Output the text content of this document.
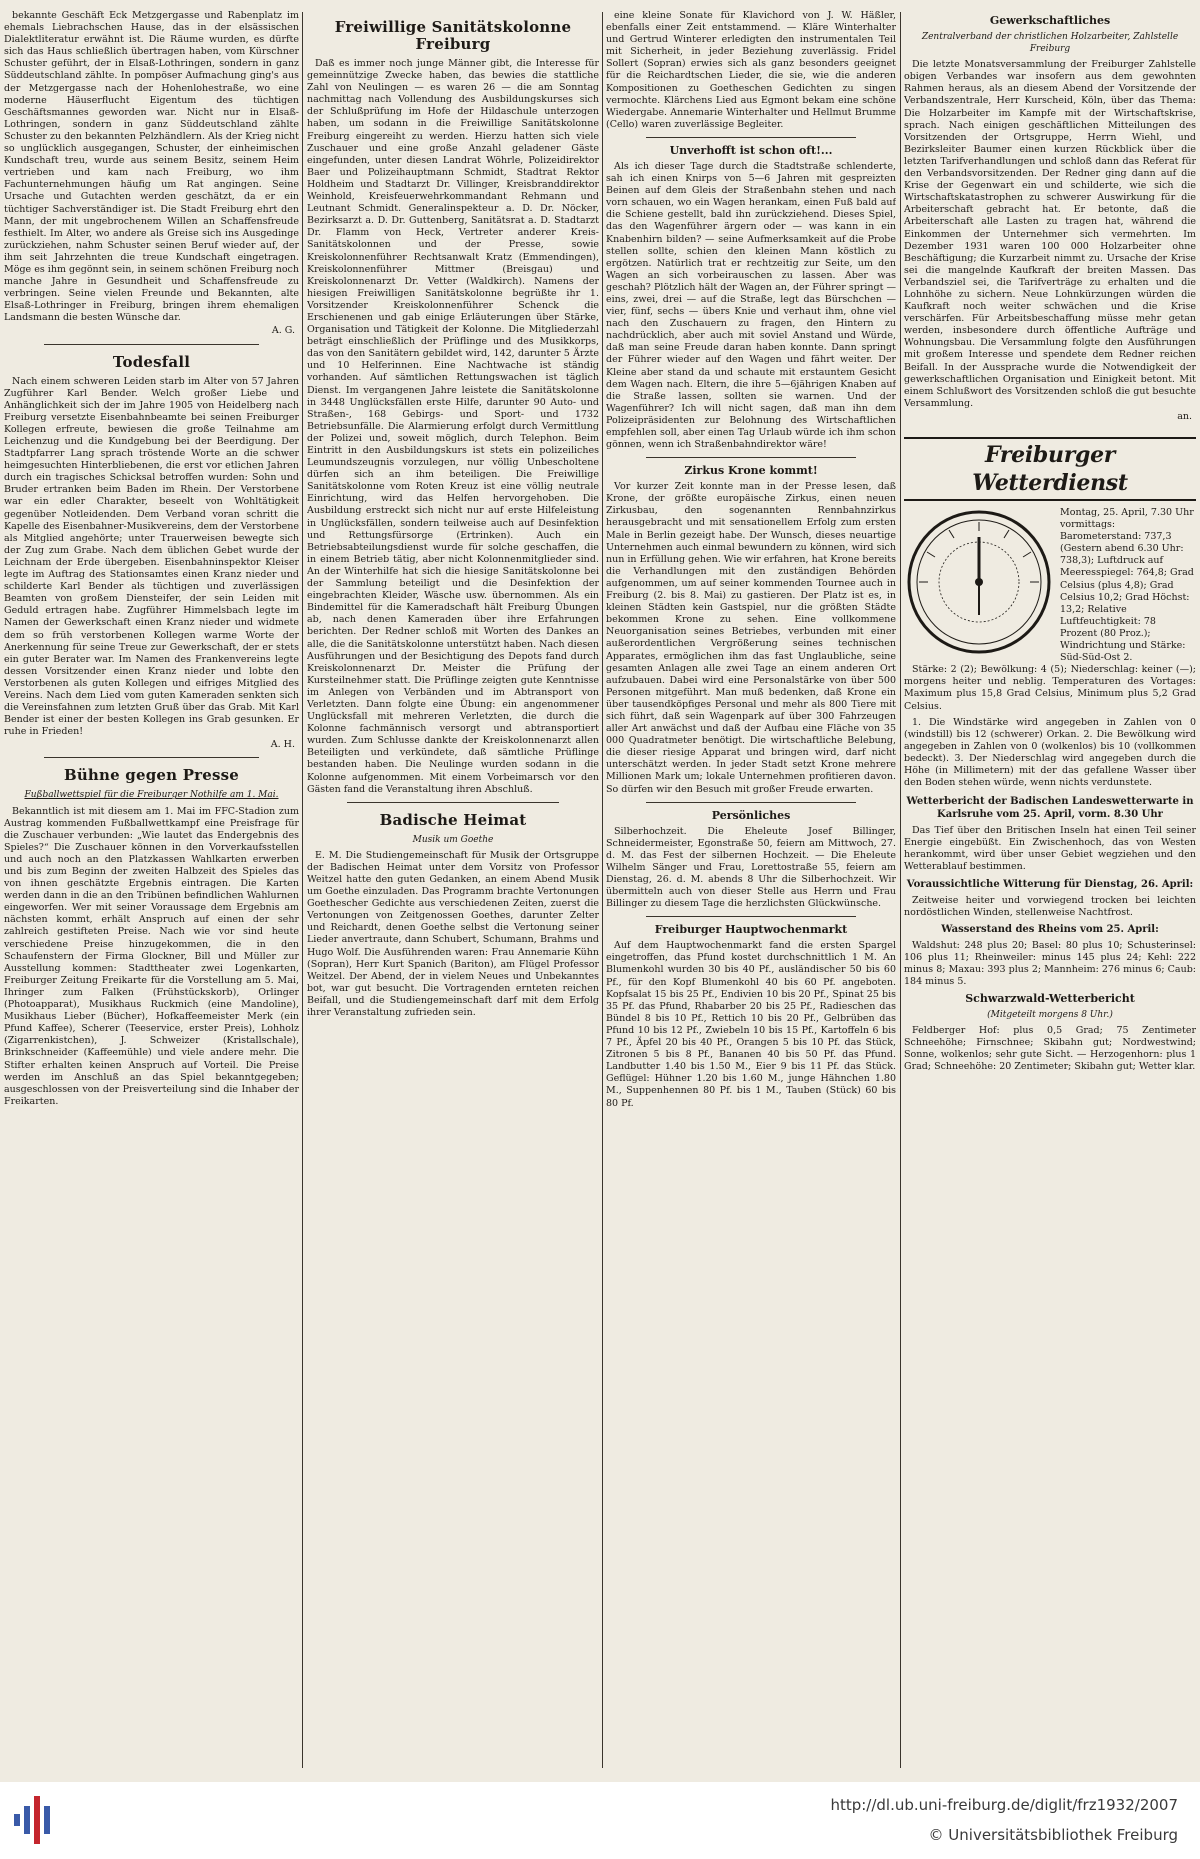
bekannte Geschäft Eck Metzgergasse und Rabenplatz im ehemals Liebrachschen Hause, das in der elsässischen Dialektliteratur erwähnt ist. Die Räume wurden, es dürfte sich das Haus schließlich übertragen haben, vom Kürschner Schuster geführt, der in Elsaß-Lothringen, sondern in ganz Süddeutschland zählte. In pompöser Aufmachung ging's aus der Metzgergasse nach der Hohenlohestraße, wo eine moderne Häuserflucht Eigentum des tüchtigen Geschäftsmannes geworden war. Nicht nur in Elsaß-Lothringen, sondern in ganz Süddeutschland zählte Schuster zu den bekannten Pelzhändlern. Als der Krieg nicht so unglücklich ausgegangen, Schuster, der einheimischen Kundschaft treu, wurde aus seinem Besitz, seinem Heim vertrieben und kam nach Freiburg, wo ihm Fachunternehmungen häufig um Rat angingen. Seine Ursache und Gutachten werden geschätzt, da er ein tüchtiger Sachverständiger ist. Die Stadt Freiburg ehrt den Mann, der mit ungebrochenem Willen an Schaffensfreude festhielt. Im Alter, wo andere als Greise sich ins Ausgedinge zurückziehen, nahm Schuster seinen Beruf wieder auf, der ihm seit Jahrzehnten die treue Kundschaft eingetragen. Möge es ihm gegönnt sein, in seinem schönen Freiburg noch manche Jahre in Gesundheit und Schaffensfreude zu verbringen. Seine vielen Freunde und Bekannten, alte Elsaß-Lothringer in Freiburg, bringen ihrem ehemaligen Landsmann die besten Wünsche dar.

A. G.

Todesfall

Nach einem schweren Leiden starb im Alter von 57 Jahren Zugführer Karl Bender. Welch großer Liebe und Anhänglichkeit sich der im Jahre 1905 von Heidelberg nach Freiburg versetzte Eisenbahnbeamte bei seinen Freiburger Kollegen erfreute, bewiesen die große Teilnahme am Leichenzug und die Kundgebung bei der Beerdigung. Der Stadtpfarrer Lang sprach tröstende Worte an die schwer heimgesuchten Hinterbliebenen, die erst vor etlichen Jahren durch ein tragisches Schicksal betroffen wurden: Sohn und Bruder ertranken beim Baden im Rhein. Der Verstorbene war ein edler Charakter, beseelt von Wohltätigkeit gegenüber Notleidenden. Dem Verband voran schritt die Kapelle des Eisenbahner-Musikvereins, dem der Verstorbene als Mitglied angehörte; unter Trauerweisen bewegte sich der Zug zum Grabe. Nach dem üblichen Gebet wurde der Leichnam der Erde übergeben. Eisenbahninspektor Kleiser legte im Auftrag des Stationsamtes einen Kranz nieder und schilderte Karl Bender als tüchtigen und zuverlässigen Beamten von großem Diensteifer, der sein Leiden mit Geduld ertragen habe. Zugführer Himmelsbach legte im Namen der Gewerkschaft einen Kranz nieder und widmete dem so früh verstorbenen Kollegen warme Worte der Anerkennung für seine Treue zur Gewerkschaft, der er stets ein guter Berater war. Im Namen des Frankenvereins legte dessen Vorsitzender einen Kranz nieder und lobte den Verstorbenen als guten Kollegen und eifriges Mitglied des Vereins. Nach dem Lied vom guten Kameraden senkten sich die Vereinsfahnen zum letzten Gruß über das Grab. Mit Karl Bender ist einer der besten Kollegen ins Grab gesunken. Er ruhe in Frieden!

A. H.

Bühne gegen Presse

Fußballwettspiel für die Freiburger Nothilfe am 1. Mai.

Bekanntlich ist mit diesem am 1. Mai im FFC-Stadion zum Austrag kommenden Fußballwettkampf eine Preisfrage für die Zuschauer verbunden: „Wie lautet das Endergebnis des Spieles?“ Die Zuschauer können in den Vorverkaufsstellen und auch noch an den Platzkassen Wahlkarten erwerben und bis zum Beginn der zweiten Halbzeit des Spieles das von ihnen geschätzte Ergebnis eintragen. Die Karten werden dann in die an den Tribünen befindlichen Wahlurnen eingeworfen. Wer mit seiner Voraussage dem Ergebnis am nächsten kommt, erhält Anspruch auf einen der sehr zahlreich gestifteten Preise. Nach wie vor sind heute verschiedene Preise hinzugekommen, die in den Schaufenstern der Firma Glockner, Bill und Müller zur Ausstellung kommen: Stadttheater zwei Logenkarten, Freiburger Zeitung Freikarte für die Vorstellung am 5. Mai, Ihringer zum Falken (Frühstückskorb), Orlinger (Photoapparat), Musikhaus Ruckmich (eine Mandoline), Musikhaus Lieber (Bücher), Hofkaffeemeister Merk (ein Pfund Kaffee), Scherer (Teeservice, erster Preis), Lohholz (Zigarrenkistchen), J. Schweizer (Kristallschale), Brinkschneider (Kaffeemühle) und viele andere mehr. Die Stifter erhalten keinen Anspruch auf Vorteil. Die Preise werden im Anschluß an das Spiel bekanntgegeben; ausgeschlossen von der Preisverteilung sind die Inhaber der Freikarten.

Freiwillige Sanitätskolonne Freiburg

Daß es immer noch junge Männer gibt, die Interesse für gemeinnützige Zwecke haben, das bewies die stattliche Zahl von Neulingen — es waren 26 — die am Sonntag nachmittag nach Vollendung des Ausbildungskurses sich der Schlußprüfung im Hofe der Hildaschule unterzogen haben, um sodann in die Freiwillige Sanitätskolonne Freiburg eingereiht zu werden. Hierzu hatten sich viele Zuschauer und eine große Anzahl geladener Gäste eingefunden, unter diesen Landrat Wöhrle, Polizeidirektor Baer und Polizeihauptmann Schmidt, Stadtrat Rektor Holdheim und Stadtarzt Dr. Villinger, Kreisbranddirektor Weinhold, Kreisfeuerwehrkommandant Rehmann und Leutnant Schmidt. Generalinspekteur a. D. Dr. Nöcker, Bezirksarzt a. D. Dr. Guttenberg, Sanitätsrat a. D. Stadtarzt Dr. Flamm von Heck, Vertreter anderer Kreis-Sanitätskolonnen und der Presse, sowie Kreiskolonnenführer Rechtsanwalt Kratz (Emmendingen), Kreiskolonnenführer Mittmer (Breisgau) und Kreiskolonnenarzt Dr. Vetter (Waldkirch). Namens der hiesigen Freiwilligen Sanitätskolonne begrüßte ihr 1. Vorsitzender Kreiskolonnenführer Schenck die Erschienenen und gab einige Erläuterungen über Stärke, Organisation und Tätigkeit der Kolonne. Die Mitgliederzahl beträgt einschließlich der Prüflinge und des Musikkorps, das von den Sanitätern gebildet wird, 142, darunter 5 Ärzte und 10 Helferinnen. Eine Nachtwache ist ständig vorhanden. Auf sämtlichen Rettungswachen ist täglich Dienst. Im vergangenen Jahre leistete die Sanitätskolonne in 3448 Unglücksfällen erste Hilfe, darunter 90 Auto- und Straßen-, 168 Gebirgs- und Sport- und 1732 Betriebsunfälle. Die Alarmierung erfolgt durch Vermittlung der Polizei und, soweit möglich, durch Telephon. Beim Eintritt in den Ausbildungskurs ist stets ein polizeiliches Leumundszeugnis vorzulegen, nur völlig Unbescholtene dürfen sich an ihm beteiligen. Die Freiwillige Sanitätskolonne vom Roten Kreuz ist eine völlig neutrale Einrichtung, wird das Helfen hervorgehoben. Die Ausbildung erstreckt sich nicht nur auf erste Hilfeleistung in Unglücksfällen, sondern teilweise auch auf Desinfektion und Rettungsfürsorge (Ertrinken). Auch ein Betriebsabteilungsdienst wurde für solche geschaffen, die in einem Betrieb tätig, aber nicht Kolonnenmitglieder sind. An der Winterhilfe hat sich die hiesige Sanitätskolonne bei der Sammlung beteiligt und die Desinfektion der eingebrachten Kleider, Wäsche usw. übernommen. Als ein Bindemittel für die Kameradschaft hält Freiburg Übungen ab, nach denen Kameraden über ihre Erfahrungen berichten. Der Redner schloß mit Worten des Dankes an alle, die die Sanitätskolonne unterstützt haben. Nach diesen Ausführungen und der Besichtigung des Depots fand durch Kreiskolonnenarzt Dr. Meister die Prüfung der Kursteilnehmer statt. Die Prüflinge zeigten gute Kenntnisse im Anlegen von Verbänden und im Abtransport von Verletzten. Dann folgte eine Übung: ein angenommener Unglücksfall mit mehreren Verletzten, die durch die Kolonne fachmännisch versorgt und abtransportiert wurden. Zum Schlusse dankte der Kreiskolonnenarzt allen Beteiligten und verkündete, daß sämtliche Prüflinge bestanden haben. Die Neulinge wurden sodann in die Kolonne aufgenommen. Mit einem Vorbeimarsch vor den Gästen fand die Veranstaltung ihren Abschluß.

Badische Heimat

Musik um Goethe

E. M. Die Studiengemeinschaft für Musik der Ortsgruppe der Badischen Heimat unter dem Vorsitz von Professor Weitzel hatte den guten Gedanken, an einem Abend Musik um Goethe einzuladen. Das Programm brachte Vertonungen Goethescher Gedichte aus verschiedenen Zeiten, zuerst die Vertonungen von Zeitgenossen Goethes, darunter Zelter und Reichardt, denen Goethe selbst die Vertonung seiner Lieder anvertraute, dann Schubert, Schumann, Brahms und Hugo Wolf. Die Ausführenden waren: Frau Annemarie Kühn (Sopran), Herr Kurt Spanich (Bariton), am Flügel Professor Weitzel. Der Abend, der in vielem Neues und Unbekanntes bot, war gut besucht. Die Vortragenden ernteten reichen Beifall, und die Studiengemeinschaft darf mit dem Erfolg ihrer Veranstaltung zufrieden sein.

eine kleine Sonate für Klavichord von J. W. Häßler, ebenfalls einer Zeit entstammend. — Kläre Winterhalter und Gertrud Winterer erledigten den instrumentalen Teil mit Sicherheit, in jeder Beziehung zuverlässig. Fridel Sollert (Sopran) erwies sich als ganz besonders geeignet für die Reichardtschen Lieder, die sie, wie die anderen Kompositionen zu Goetheschen Gedichten zu singen vermochte. Klärchens Lied aus Egmont bekam eine schöne Wiedergabe. Annemarie Winterhalter und Hellmut Brumme (Cello) waren zuverlässige Begleiter.

Unverhofft ist schon oft!...

Als ich dieser Tage durch die Stadtstraße schlenderte, sah ich einen Knirps von 5—6 Jahren mit gespreizten Beinen auf dem Gleis der Straßenbahn stehen und nach vorn schauen, wo ein Wagen herankam, einen Fuß bald auf die Schiene gestellt, bald ihn zurückziehend. Dieses Spiel, das den Wagenführer ärgern oder — was kann in ein Knabenhirn bilden? — seine Aufmerksamkeit auf die Probe stellen sollte, schien den kleinen Mann köstlich zu ergötzen. Natürlich trat er rechtzeitig zur Seite, um den Wagen an sich vorbeirauschen zu lassen. Aber was geschah? Plötzlich hält der Wagen an, der Führer springt — eins, zwei, drei — auf die Straße, legt das Bürschchen — vier, fünf, sechs — übers Knie und verhaut ihm, ohne viel nach den Zuschauern zu fragen, den Hintern zu nachdrücklich, aber auch mit soviel Anstand und Würde, daß man seine Freude daran haben konnte. Dann springt der Führer wieder auf den Wagen und fährt weiter. Der Kleine aber stand da und schaute mit erstauntem Gesicht dem Wagen nach. Eltern, die ihre 5—6jährigen Knaben auf die Straße lassen, sollten sie warnen. Und der Wagenführer? Ich will nicht sagen, daß man ihn dem Polizeipräsidenten zur Belohnung des Wirtschaftlichen empfehlen soll, aber einen Tag Urlaub würde ich ihm schon gönnen, wenn ich Straßenbahndirektor wäre!

Zirkus Krone kommt!

Vor kurzer Zeit konnte man in der Presse lesen, daß Krone, der größte europäische Zirkus, einen neuen Zirkusbau, den sogenannten Rennbahnzirkus herausgebracht und mit sensationellem Erfolg zum ersten Male in Berlin gezeigt habe. Der Wunsch, dieses neuartige Unternehmen auch einmal bewundern zu können, wird sich nun in Erfüllung gehen. Wie wir erfahren, hat Krone bereits die Verhandlungen mit den zuständigen Behörden aufgenommen, um auf seiner kommenden Tournee auch in Freiburg (2. bis 8. Mai) zu gastieren. Der Platz ist es, in kleinen Städten kein Gastspiel, nur die größten Städte bekommen Krone zu sehen. Eine vollkommene Neuorganisation seines Betriebes, verbunden mit einer außerordentlichen Vergrößerung seines technischen Apparates, ermöglichen ihm das fast Unglaubliche, seine gesamten Anlagen alle zwei Tage an einem anderen Ort aufzubauen. Dabei wird eine Personalstärke von über 500 Personen mitgeführt. Man muß bedenken, daß Krone ein über tausendköpfiges Personal und mehr als 800 Tiere mit sich führt, daß sein Wagenpark auf über 300 Fahrzeugen aller Art anwächst und daß der Aufbau eine Fläche von 35 000 Quadratmeter benötigt. Die wirtschaftliche Belebung, die dieser riesige Apparat und bringen wird, darf nicht unterschätzt werden. In jeder Stadt setzt Krone mehrere Millionen Mark um; lokale Unternehmen profitieren davon. So dürfen wir den Besuch mit großer Freude erwarten.

Persönliches

Silberhochzeit. Die Eheleute Josef Billinger, Schneidermeister, Egonstraße 50, feiern am Mittwoch, 27. d. M. das Fest der silbernen Hochzeit. — Die Eheleute Wilhelm Sänger und Frau, Lorettostraße 55, feiern am Dienstag, 26. d. M. abends 8 Uhr die Silberhochzeit. Wir übermitteln auch von dieser Stelle aus Herrn und Frau Billinger zu diesem Tage die herzlichsten Glückwünsche.

Freiburger Hauptwochenmarkt

Auf dem Hauptwochenmarkt fand die ersten Spargel eingetroffen, das Pfund kostet durchschnittlich 1 M. An Blumenkohl wurden 30 bis 40 Pf., ausländischer 50 bis 60 Pf., für den Kopf Blumenkohl 40 bis 60 Pf. angeboten. Kopfsalat 15 bis 25 Pf., Endivien 10 bis 20 Pf., Spinat 25 bis 35 Pf. das Pfund, Rhabarber 20 bis 25 Pf., Radieschen das Bündel 8 bis 10 Pf., Rettich 10 bis 20 Pf., Gelbrüben das Pfund 10 bis 12 Pf., Zwiebeln 10 bis 15 Pf., Kartoffeln 6 bis 7 Pf., Äpfel 20 bis 40 Pf., Orangen 5 bis 10 Pf. das Stück, Zitronen 5 bis 8 Pf., Bananen 40 bis 50 Pf. das Pfund. Landbutter 1.40 bis 1.50 M., Eier 9 bis 11 Pf. das Stück. Geflügel: Hühner 1.20 bis 1.60 M., junge Hähnchen 1.80 M., Suppenhennen 80 Pf. bis 1 M., Tauben (Stück) 60 bis 80 Pf.

Gewerkschaftliches

Zentralverband der christlichen Holzarbeiter, Zahlstelle Freiburg

Die letzte Monatsversammlung der Freiburger Zahlstelle obigen Verbandes war insofern aus dem gewohnten Rahmen heraus, als an diesem Abend der Vorsitzende der Verbandszentrale, Herr Kurscheid, Köln, über das Thema: Die Holzarbeiter im Kampfe mit der Wirtschaftskrise, sprach. Nach einigen geschäftlichen Mitteilungen des Vorsitzenden der Ortsgruppe, Herrn Wiehl, und Bezirksleiter Baumer einen kurzen Rückblick über die letzten Tarifverhandlungen und schloß dann das Referat für den Verbandsvorsitzenden. Der Redner ging dann auf die Krise der Gegenwart ein und schilderte, wie sich die Wirtschaftskatastrophen zu schwerer Auswirkung für die Arbeiterschaft gebracht hat. Er betonte, daß die Arbeiterschaft alle Lasten zu tragen hat, während die Einkommen der Unternehmer sich vermehrten. Im Dezember 1931 waren 100 000 Holzarbeiter ohne Beschäftigung; die Kurzarbeit nimmt zu. Ursache der Krise sei die mangelnde Kaufkraft der breiten Massen. Das Verbandsziel sei, die Tarifverträge zu erhalten und die Lohnhöhe zu sichern. Neue Lohnkürzungen würden die Kaufkraft noch weiter schwächen und die Krise verschärfen. Für Arbeitsbeschaffung müsse mehr getan werden, insbesondere durch öffentliche Aufträge und Wohnungsbau. Die Versammlung folgte den Ausführungen mit großem Interesse und spendete dem Redner reichen Beifall. In der Aussprache wurde die Notwendigkeit der gewerkschaftlichen Organisation und Einigkeit betont. Mit einem Schlußwort des Vorsitzenden schloß die gut besuchte Versammlung.

an.

Freiburger Wetterdienst

Montag, 25. April, 7.30 Uhr vormittags: Barometerstand: 737,3 (Gestern abend 6.30 Uhr: 738,3); Luftdruck auf Meeresspiegel: 764,8; Grad Celsius (plus 4,8); Grad Celsius 10,2; Grad Höchst: 13,2; Relative Luftfeuchtigkeit: 78 Prozent (80 Proz.); Windrichtung und Stärke: Süd-Süd-Ost 2.

Stärke: 2 (2); Bewölkung: 4 (5); Niederschlag: keiner (—); morgens heiter und neblig. Temperaturen des Vortages: Maximum plus 15,8 Grad Celsius, Minimum plus 5,2 Grad Celsius.

1. Die Windstärke wird angegeben in Zahlen von 0 (windstill) bis 12 (schwerer) Orkan. 2. Die Bewölkung wird angegeben in Zahlen von 0 (wolkenlos) bis 10 (vollkommen bedeckt). 3. Der Niederschlag wird angegeben durch die Höhe (in Millimetern) mit der das gefallene Wasser über den Boden stehen würde, wenn nichts verdunstete.

Wetterbericht der Badischen Landeswetterwarte in Karlsruhe vom 25. April, vorm. 8.30 Uhr

Das Tief über den Britischen Inseln hat einen Teil seiner Energie eingebüßt. Ein Zwischenhoch, das von Westen herankommt, wird über unser Gebiet wegziehen und den Wetterablauf bestimmen.

Voraussichtliche Witterung für Dienstag, 26. April:

Zeitweise heiter und vorwiegend trocken bei leichten nordöstlichen Winden, stellenweise Nachtfrost.

Wasserstand des Rheins vom 25. April:

Waldshut: 248 plus 20; Basel: 80 plus 10; Schusterinsel: 106 plus 11; Rheinweiler: minus 145 plus 24; Kehl: 222 minus 8; Maxau: 393 plus 2; Mannheim: 276 minus 6; Caub: 184 minus 5.

Schwarzwald-Wetterbericht

(Mitgeteilt morgens 8 Uhr.)

Feldberger Hof: plus 0,5 Grad; 75 Zentimeter Schneehöhe; Firnschnee; Skibahn gut; Nordwestwind; Sonne, wolkenlos; sehr gute Sicht. — Herzogenhorn: plus 1 Grad; Schneehöhe: 20 Zentimeter; Skibahn gut; Wetter klar.

http://dl.ub.uni-freiburg.de/diglit/frz1932/2007
© Universitätsbibliothek Freiburg
